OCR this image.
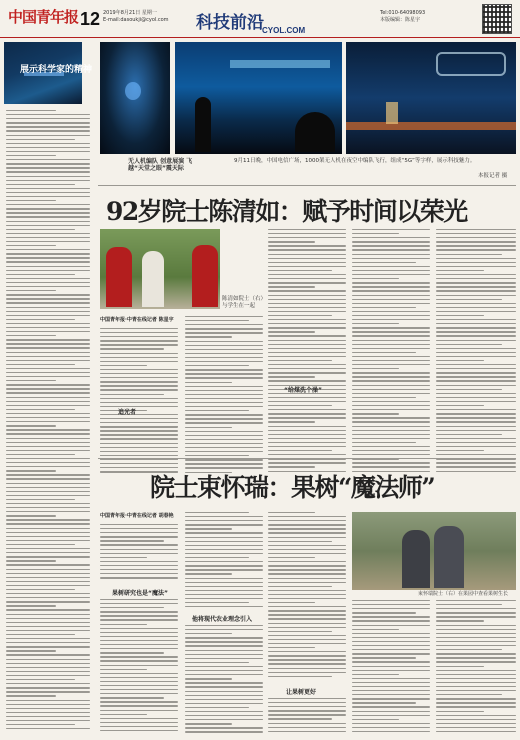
中国青年报 12 2019年8月21日 星期一
E-mail:dasoukji@cyol.com	科技前沿
CYOL.COM
Tel:010-64098093
本版编辑：陈星宇
展示科学家的精神
无人机编队 创意展演 飞越“天堂之眼”震天际
9月11日晚，中国电信广场，1000架无人机在夜空中编队飞行，组成“5G”等字样，展示科技魅力。
本报记者 摄
92岁院士陈清如：赋予时间以荣光
陈清如院士（右）与学生在一起
中国青年报·中青在线记者 陈星宇
追光者
“给煤洗个澡”
院士束怀瑞：果树“魔法师”
中国青年报·中青在线记者 胡春艳
果树研究也是“魔法”
他将现代农业理念引入
让果树更好
束怀瑞院士（右）在果园中查看果树生长
